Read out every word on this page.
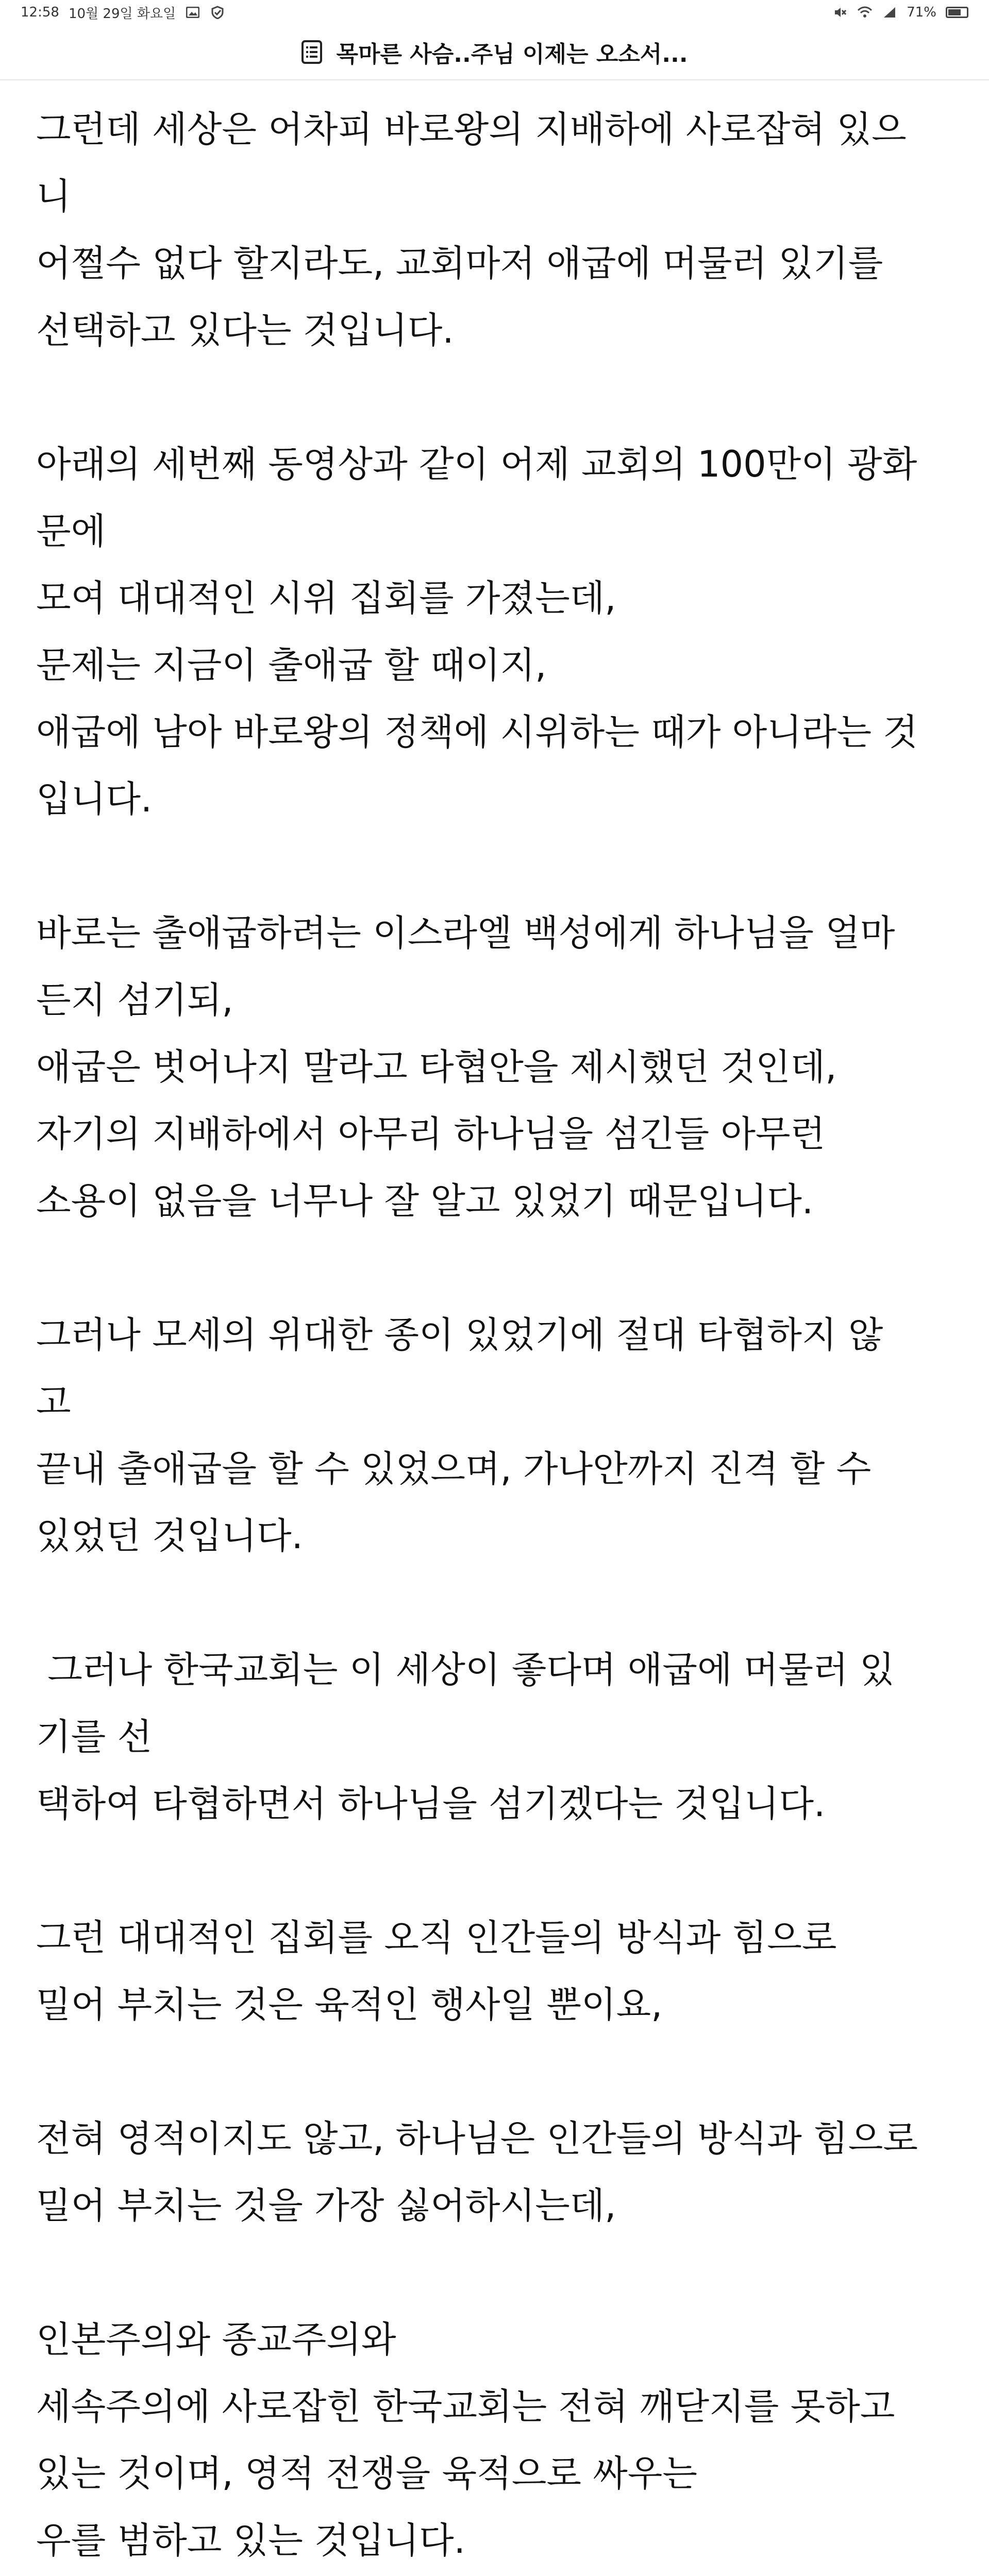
12:58 10월 29일 화요일	71%
목마른 사슴..주님 이제는 오소서...
그런데 세상은 어차피 바로왕의 지배하에 사로잡혀 있으
니
어쩔수 없다 할지라도, 교회마저 애굽에 머물러 있기를
선택하고 있다는 것입니다.
아래의 세번째 동영상과 같이 어제 교회의 100만이 광화
문에
모여 대대적인 시위 집회를 가졌는데,
문제는 지금이 출애굽 할 때이지,
애굽에 남아 바로왕의 정책에 시위하는 때가 아니라는 것
입니다.
바로는 출애굽하려는 이스라엘 백성에게 하나님을 얼마
든지 섬기되,
애굽은 벗어나지 말라고 타협안을 제시했던 것인데,
자기의 지배하에서 아무리 하나님을 섬긴들 아무런
소용이 없음을 너무나 잘 알고 있었기 때문입니다.
그러나 모세의 위대한 종이 있었기에 절대 타협하지 않
고
끝내 출애굽을 할 수 있었으며, 가나안까지 진격 할 수
있었던 것입니다.
그러나 한국교회는 이 세상이 좋다며 애굽에 머물러 있
기를 선
택하여 타협하면서 하나님을 섬기겠다는 것입니다.
그런 대대적인 집회를 오직 인간들의 방식과 힘으로
밀어 부치는 것은 육적인 행사일 뿐이요,
전혀 영적이지도 않고, 하나님은 인간들의 방식과 힘으로
밀어 부치는 것을 가장 싫어하시는데,
인본주의와 종교주의와
세속주의에 사로잡힌 한국교회는 전혀 깨닫지를 못하고
있는 것이며, 영적 전쟁을 육적으로 싸우는
우를 범하고 있는 것입니다.
